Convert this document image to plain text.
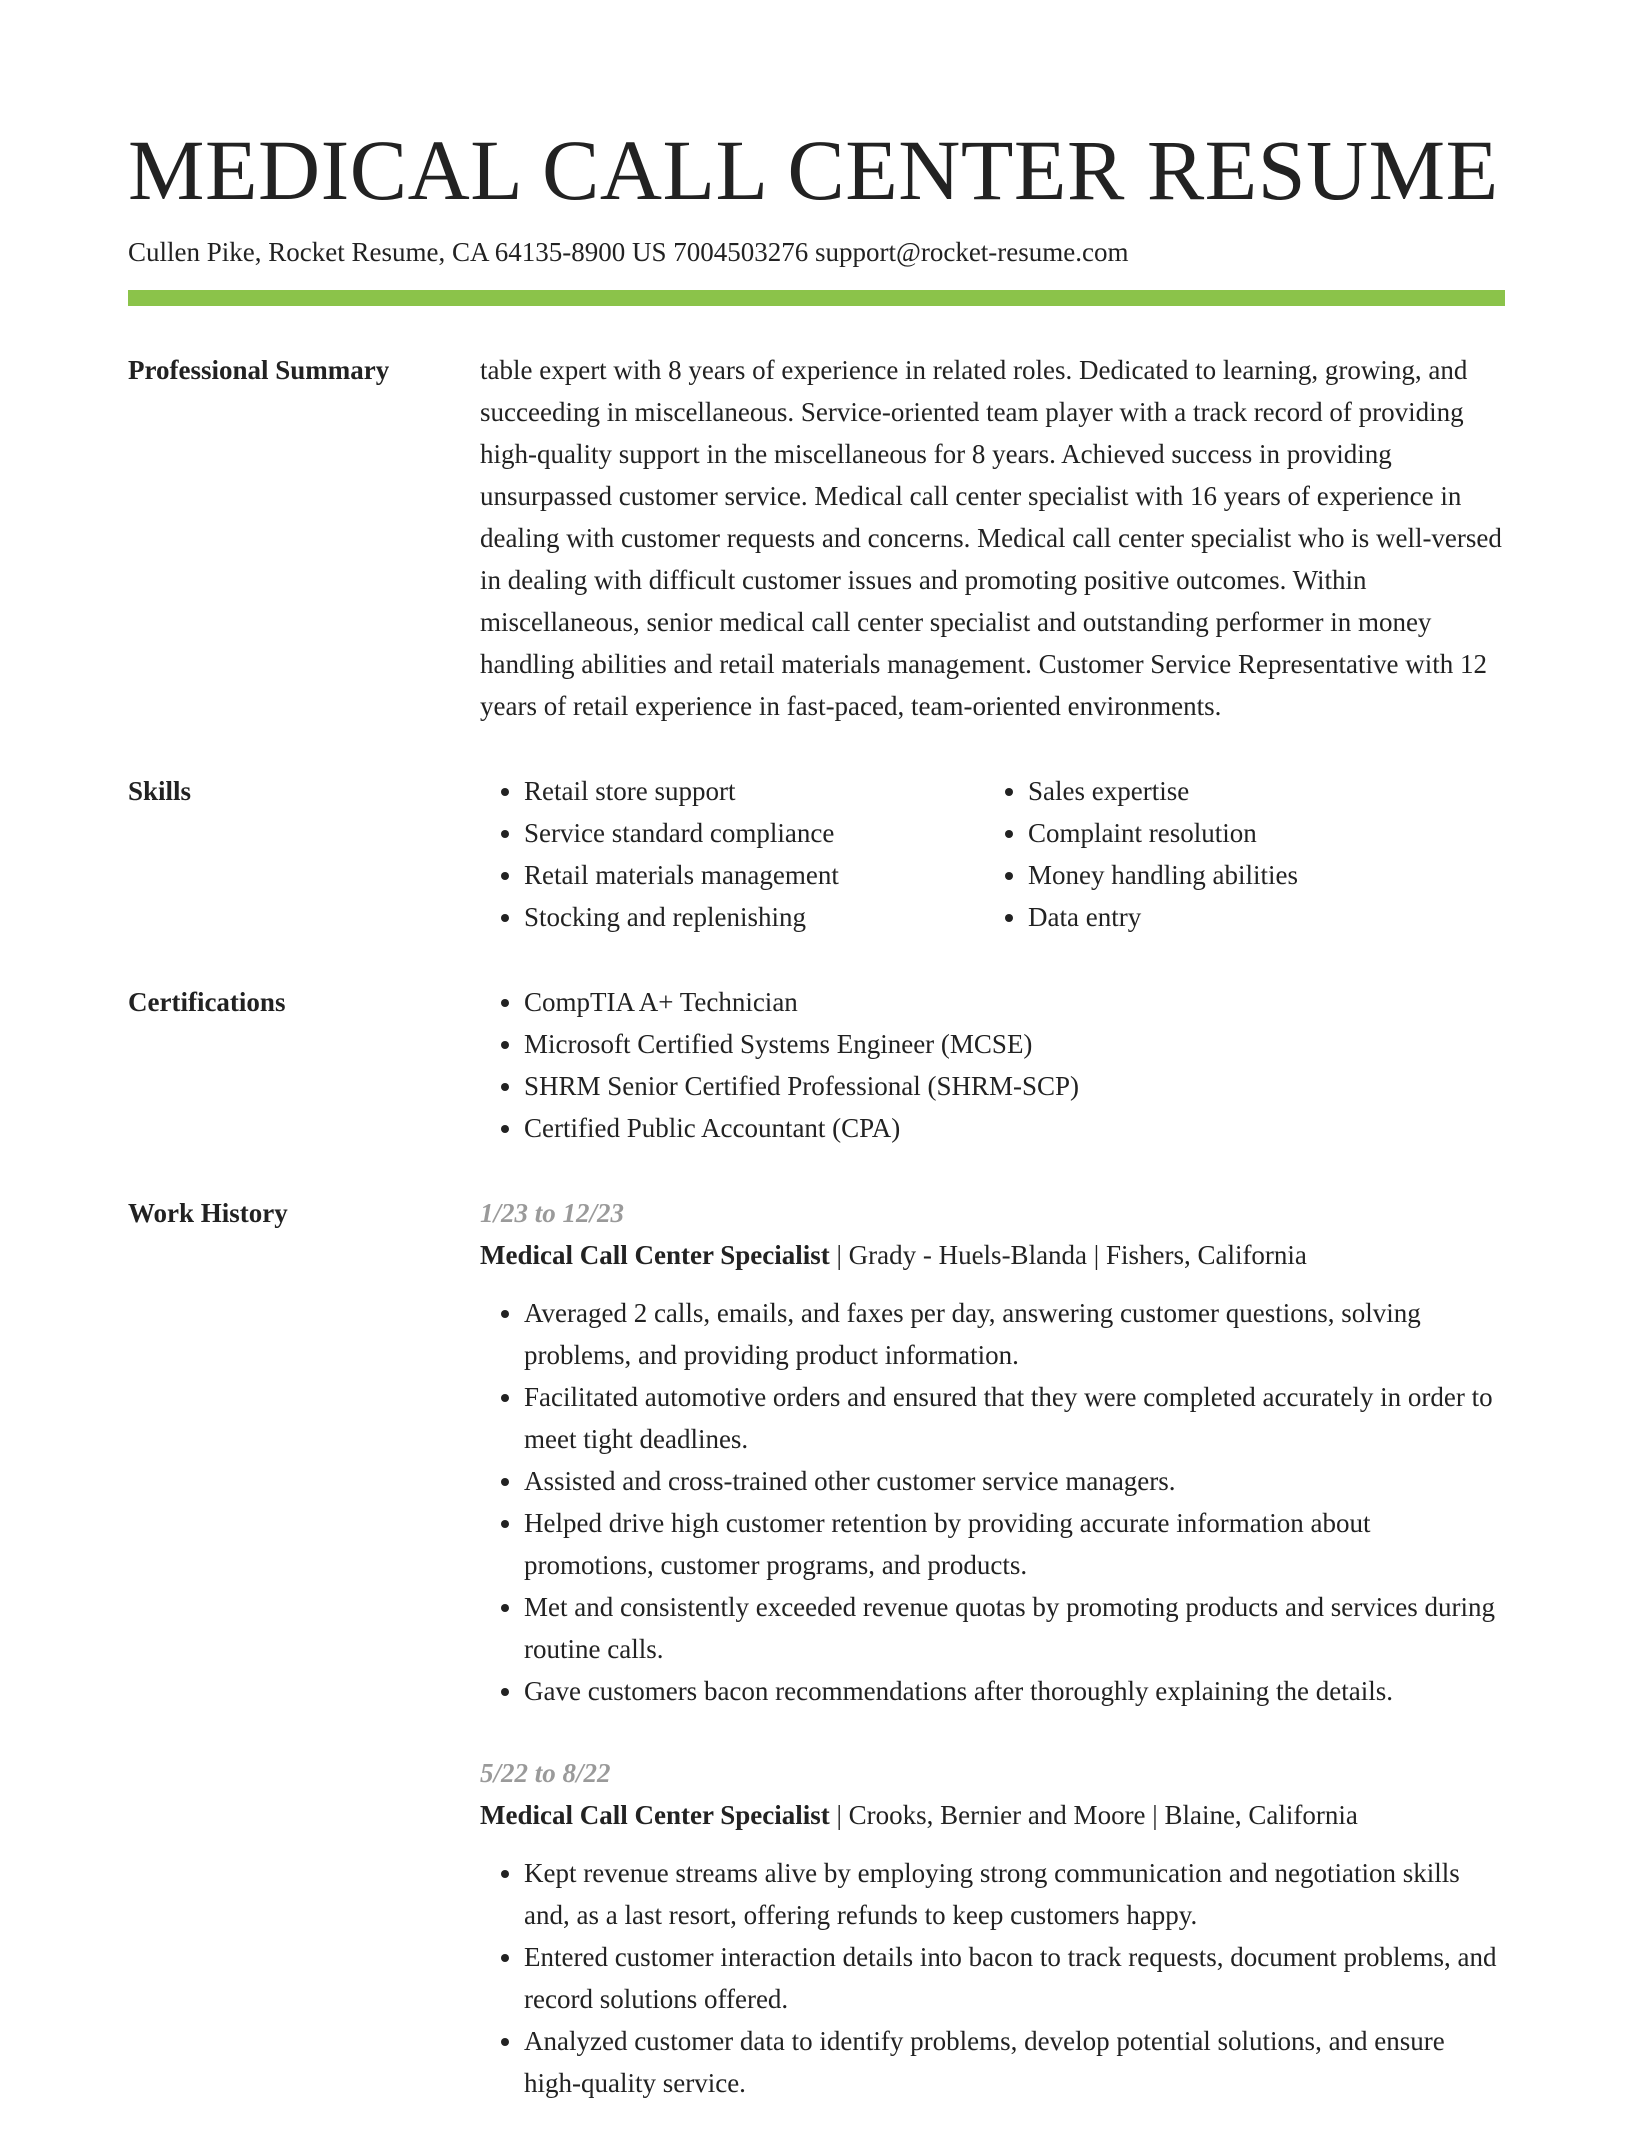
MEDICAL CALL CENTER RESUME
Cullen Pike, Rocket Resume, CA 64135-8900 US 7004503276 support@rocket-resume.com
Professional Summary	table expert with 8 years of experience in related roles. Dedicated to learning, growing, and succeeding in miscellaneous. Service-oriented team player with a track record of providing high-quality support in the miscellaneous for 8 years. Achieved success in providing unsurpassed customer service. Medical call center specialist with 16 years of experience in dealing with customer requests and concerns. Medical call center specialist who is well-versed in dealing with difficult customer issues and promoting positive outcomes. Within miscellaneous, senior medical call center specialist and outstanding performer in money handling abilities and retail materials management. Customer Service Representative with 12 years of retail experience in fast-paced, team-oriented environments.

Skills	• Retail store support
• Service standard compliance
• Retail materials management
• Stocking and replenishing
• Sales expertise
• Complaint resolution
• Money handling abilities
• Data entry
Certifications	• CompTIA A+ Technician
• Microsoft Certified Systems Engineer (MCSE)
• SHRM Senior Certified Professional (SHRM-SCP)
• Certified Public Accountant (CPA)
Work History	1/23 to 12/23
Medical Call Center Specialist | Grady - Huels-Blanda | Fishers, California
• Averaged 2 calls, emails, and faxes per day, answering customer questions, solving problems, and providing product information.
• Facilitated automotive orders and ensured that they were completed accurately in order to meet tight deadlines.
• Assisted and cross-trained other customer service managers.
• Helped drive high customer retention by providing accurate information about promotions, customer programs, and products.
• Met and consistently exceeded revenue quotas by promoting products and services during routine calls.
• Gave customers bacon recommendations after thoroughly explaining the details.
5/22 to 8/22
Medical Call Center Specialist | Crooks, Bernier and Moore | Blaine, California
• Kept revenue streams alive by employing strong communication and negotiation skills and, as a last resort, offering refunds to keep customers happy.
• Entered customer interaction details into bacon to track requests, document problems, and record solutions offered.
• Analyzed customer data to identify problems, develop potential solutions, and ensure high-quality service.
